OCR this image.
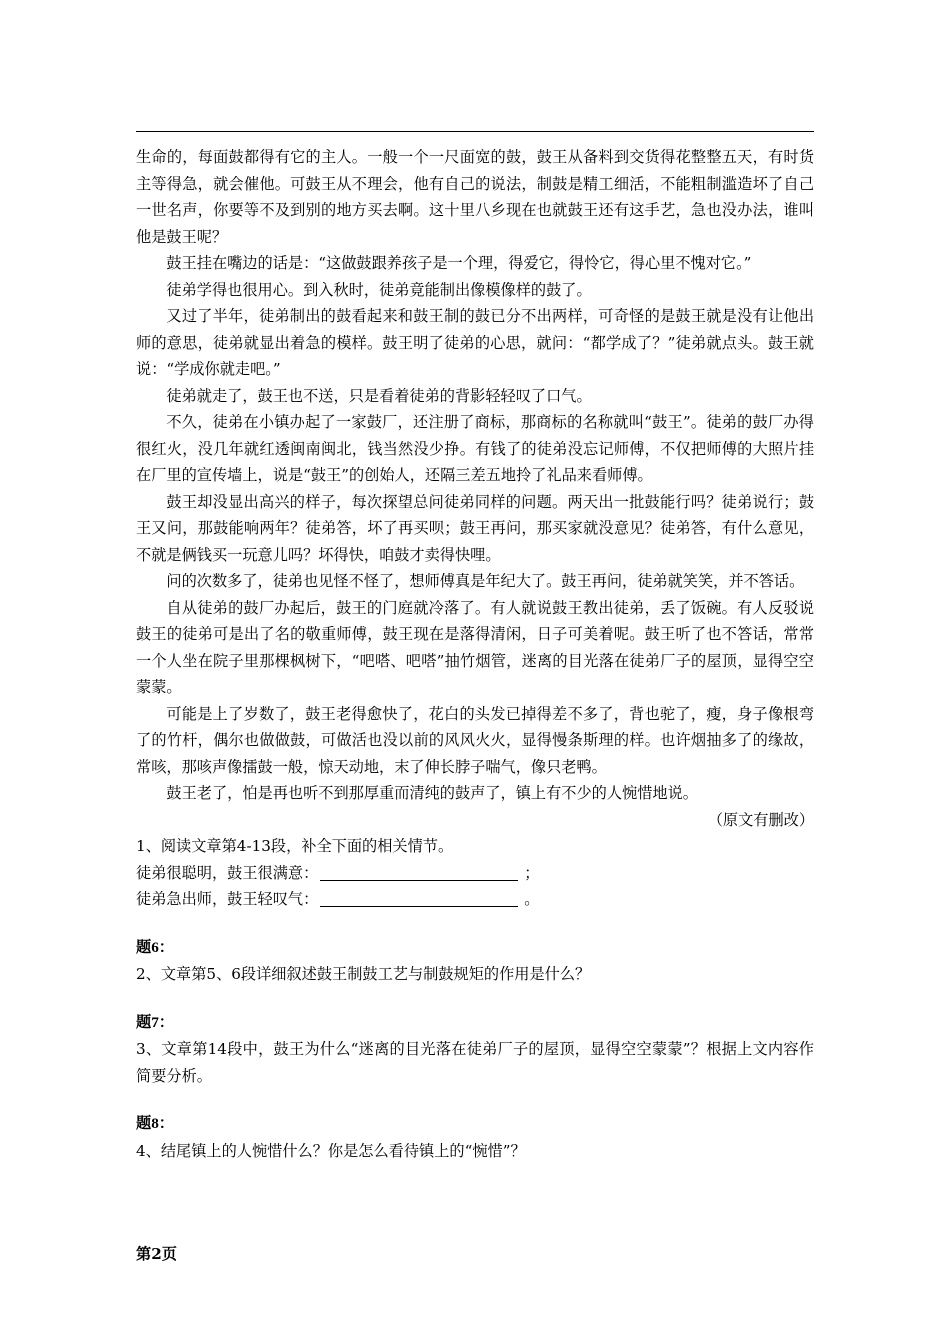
生命的，每面鼓都得有它的主人。一般一个一尺面宽的鼓，鼓王从备料到交货得花整整五天，有时货主等得急，就会催他。可鼓王从不理会，他有自己的说法，制鼓是精工细活，不能粗制滥造坏了自己一世名声，你要等不及到别的地方买去啊。这十里八乡现在也就鼓王还有这手艺，急也没办法，谁叫他是鼓王呢？

鼓王挂在嘴边的话是：“这做鼓跟养孩子是一个理，得爱它，得怜它，得心里不愧对它。”

徒弟学得也很用心。到入秋时，徒弟竟能制出像模像样的鼓了。

又过了半年，徒弟制出的鼓看起来和鼓王制的鼓已分不出两样，可奇怪的是鼓王就是没有让他出师的意思，徒弟就显出着急的模样。鼓王明了徒弟的心思，就问：“都学成了？”徒弟就点头。鼓王就说：“学成你就走吧。”

徒弟就走了，鼓王也不送，只是看着徒弟的背影轻轻叹了口气。

不久，徒弟在小镇办起了一家鼓厂，还注册了商标，那商标的名称就叫“鼓王”。徒弟的鼓厂办得很红火，没几年就红透闽南闽北，钱当然没少挣。有钱了的徒弟没忘记师傅，不仅把师傅的大照片挂在厂里的宣传墙上，说是“鼓王”的创始人，还隔三差五地拎了礼品来看师傅。

鼓王却没显出高兴的样子，每次探望总问徒弟同样的问题。两天出一批鼓能行吗？徒弟说行；鼓王又问，那鼓能响两年？徒弟答，坏了再买呗；鼓王再问，那买家就没意见？徒弟答，有什么意见，不就是俩钱买一玩意儿吗？坏得快，咱鼓才卖得快哩。

问的次数多了，徒弟也见怪不怪了，想师傅真是年纪大了。鼓王再问，徒弟就笑笑，并不答话。

自从徒弟的鼓厂办起后，鼓王的门庭就冷落了。有人就说鼓王教出徒弟，丢了饭碗。有人反驳说鼓王的徒弟可是出了名的敬重师傅，鼓王现在是落得清闲，日子可美着呢。鼓王听了也不答话，常常一个人坐在院子里那棵枫树下，“吧嗒、吧嗒”抽竹烟管，迷离的目光落在徒弟厂子的屋顶，显得空空蒙蒙。

可能是上了岁数了，鼓王老得愈快了，花白的头发已掉得差不多了，背也驼了，瘦，身子像根弯了的竹杆，偶尔也做做鼓，可做活也没以前的风风火火，显得慢条斯理的样。也许烟抽多了的缘故，常咳，那咳声像擂鼓一般，惊天动地，末了伸长脖子喘气，像只老鸭。

鼓王老了，怕是再也听不到那厚重而清纯的鼓声了，镇上有不少的人惋惜地说。

（原文有删改）

1、阅读文章第4-13段，补全下面的相关情节。

徒弟很聪明，鼓王很满意：	；

徒弟急出师，鼓王轻叹气：	。

题6：

2、文章第5、6段详细叙述鼓王制鼓工艺与制鼓规矩的作用是什么？

题7：

3、文章第14段中，鼓王为什么“迷离的目光落在徒弟厂子的屋顶，显得空空蒙蒙”？根据上文内容作简要分析。

题8：

4、结尾镇上的人惋惜什么？你是怎么看待镇上的“惋惜”？

第2页
